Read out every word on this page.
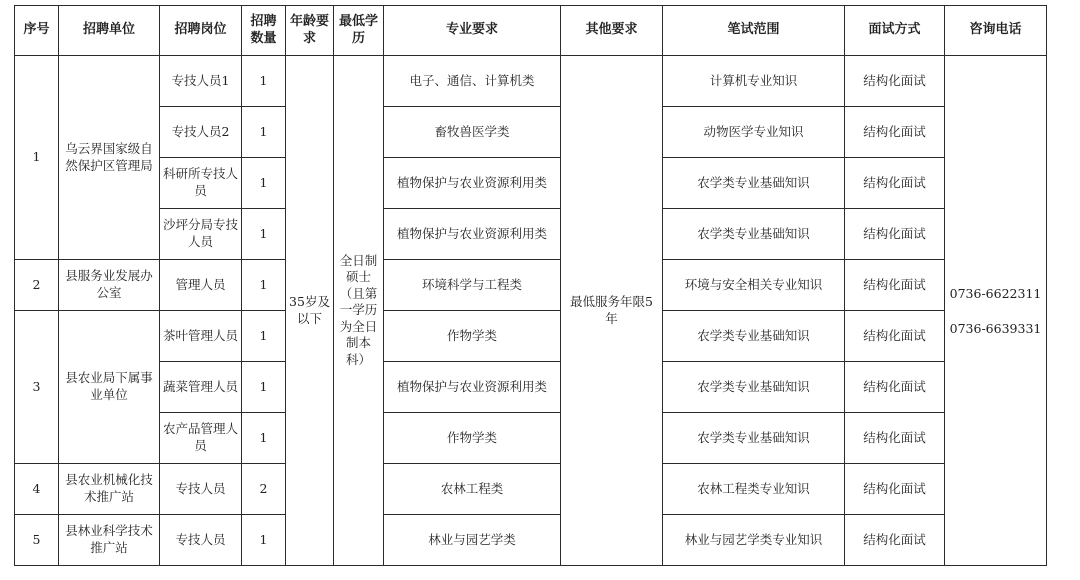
序号	招聘单位	招聘岗位	招聘数量	年龄要求	最低学历	专业要求	其他要求	笔试范围	面试方式	咨询电话
1	乌云界国家级自然保护区管理局	专技人员1	1	35岁及以下	全日制硕士（且第一学历为全日制本科）	电子、通信、计算机类	最低服务年限5年	计算机专业知识	结构化面试	0736-6622311
0736-6639331

		专技人员2	1			畜牧兽医学类		动物医学专业知识	结构化面试	
		科研所专技人员	1			植物保护与农业资源利用类		农学类专业基础知识	结构化面试	
		沙坪分局专技人员	1			植物保护与农业资源利用类		农学类专业基础知识	结构化面试	
2	县服务业发展办公室	管理人员	1			环境科学与工程类		环境与安全相关专业知识	结构化面试	
3	县农业局下属事业单位	茶叶管理人员	1			作物学类		农学类专业基础知识	结构化面试	
		蔬菜管理人员	1			植物保护与农业资源利用类		农学类专业基础知识	结构化面试	
		农产品管理人员	1			作物学类		农学类专业基础知识	结构化面试	
4	县农业机械化技术推广站	专技人员	2			农林工程类		农林工程类专业知识	结构化面试	
5	县林业科学技术推广站	专技人员	1			林业与园艺学类		林业与园艺学类专业知识	结构化面试	
